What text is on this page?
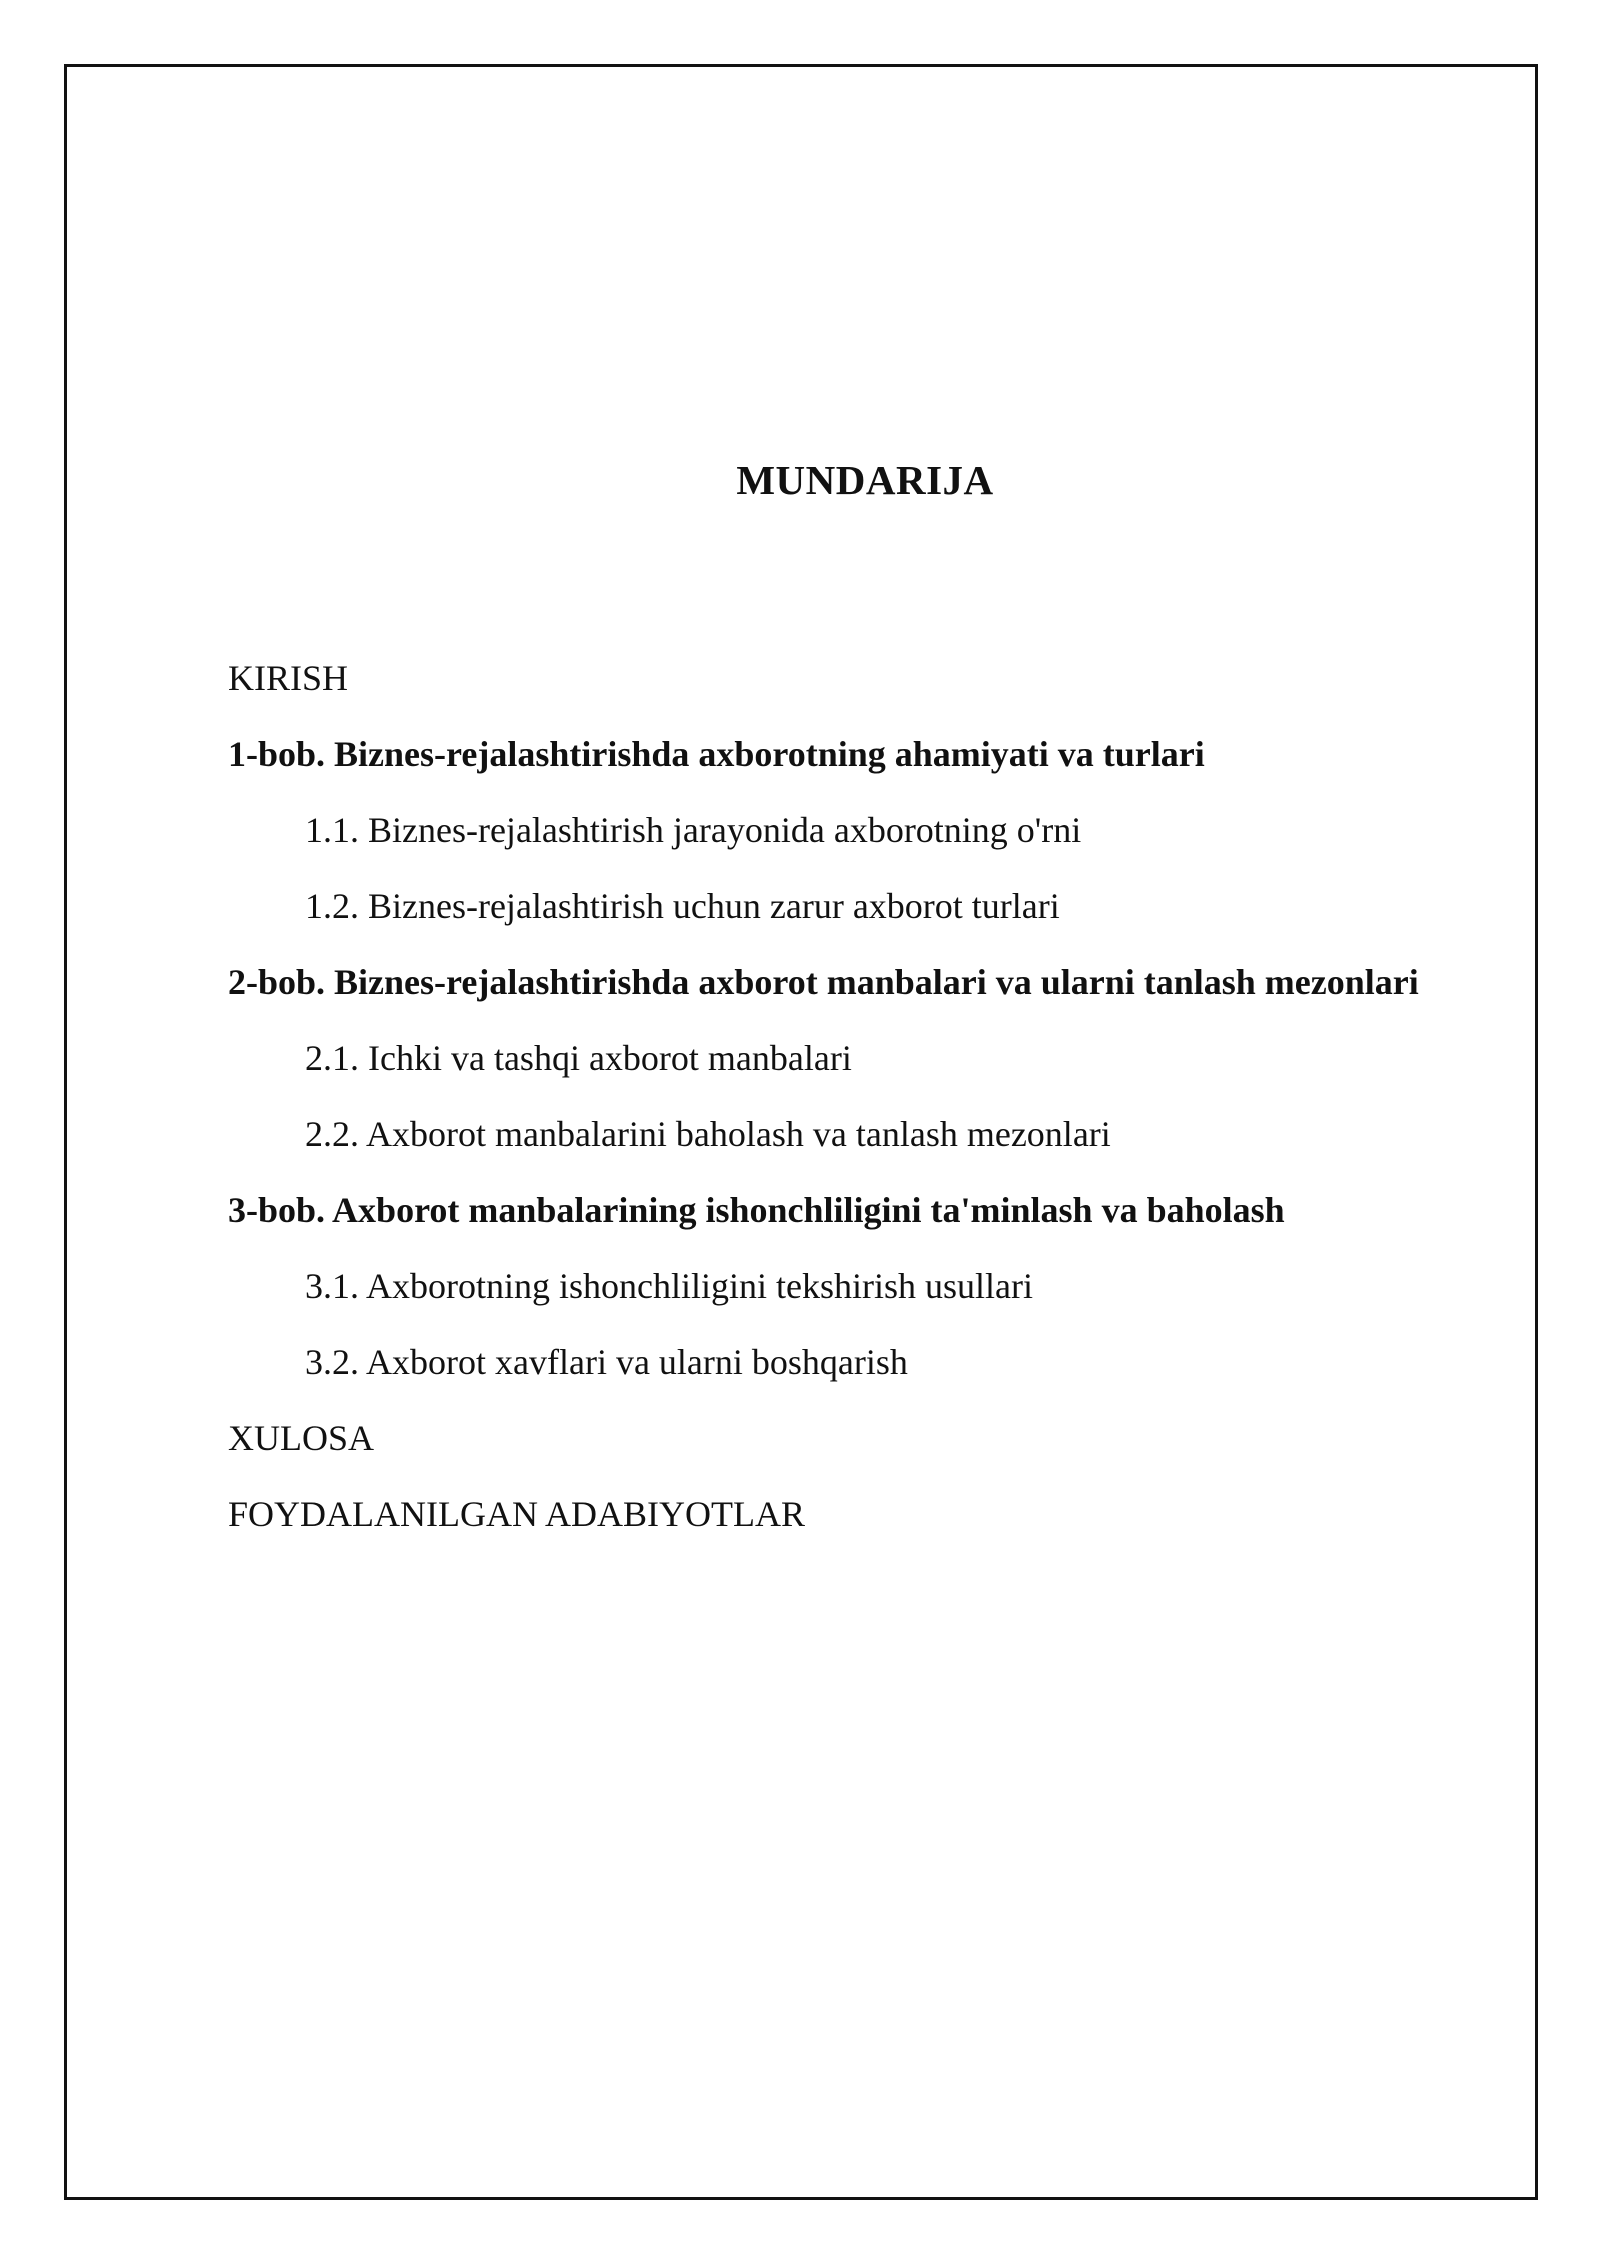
MUNDARIJA
KIRISH
1-bob. Biznes-rejalashtirishda axborotning ahamiyati va turlari
1.1. Biznes-rejalashtirish jarayonida axborotning o'rni
1.2. Biznes-rejalashtirish uchun zarur axborot turlari
2-bob. Biznes-rejalashtirishda axborot manbalari va ularni tanlash mezonlari
2.1. Ichki va tashqi axborot manbalari
2.2. Axborot manbalarini baholash va tanlash mezonlari
3-bob. Axborot manbalarining ishonchliligini ta'minlash va baholash
3.1. Axborotning ishonchliligini tekshirish usullari
3.2. Axborot xavflari va ularni boshqarish
XULOSA
FOYDALANILGAN ADABIYOTLAR
